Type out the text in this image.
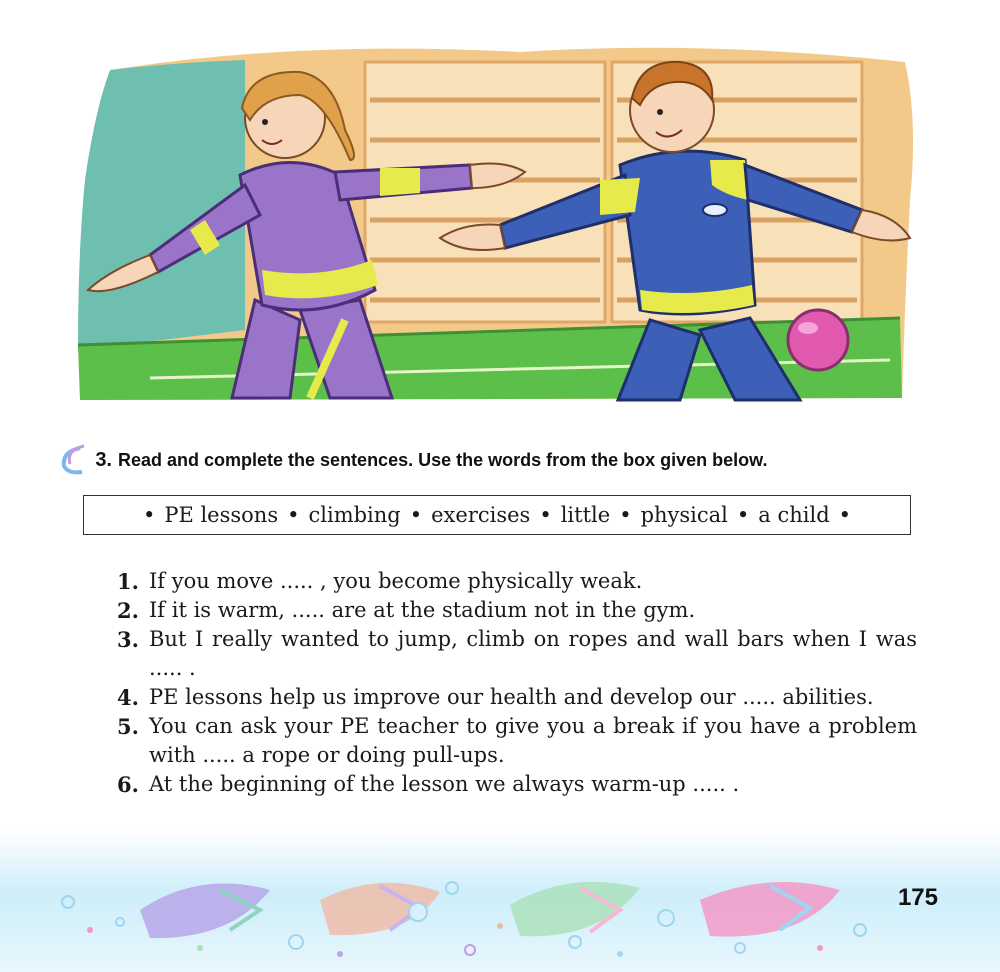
3. Read and complete the sentences. Use the words from the box given below.
• PE lessons • climbing • exercises • little • physical • a child •
1. If you move ..... , you become physically weak.
2. If it is warm, ..... are at the stadium not in the gym.
3. But I really wanted to jump, climb on ropes and wall bars when I was ..... .
4. PE lessons help us improve our health and develop our ..... abilities.
5. You can ask your PE teacher to give you a break if you have a problem with ..... a rope or doing pull-ups.
6. At the beginning of the lesson we always warm-up ..... .
175
